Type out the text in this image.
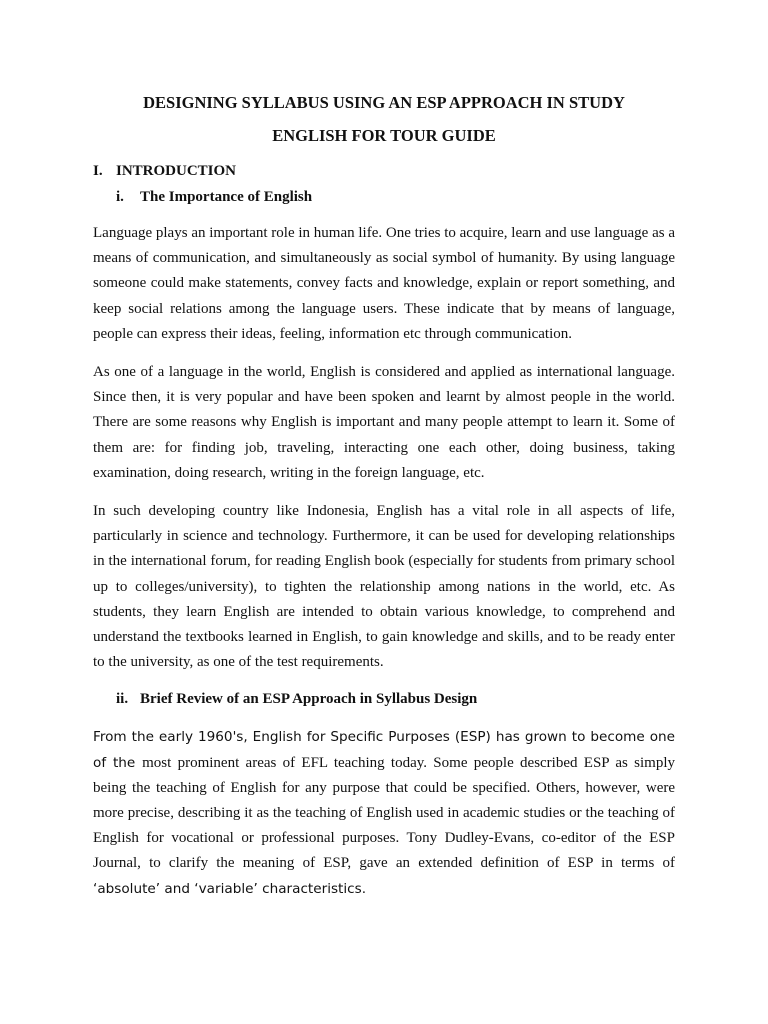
DESIGNING SYLLABUS USING AN ESP APPROACH IN STUDY
ENGLISH FOR TOUR GUIDE
I. INTRODUCTION
i.	The Importance of English

Language plays an important role in human life. One tries to acquire, learn and use language as a means of communication, and simultaneously as social symbol of humanity. By using language someone could make statements, convey facts and knowledge, explain or report something, and keep social relations among the language users. These indicate that by means of language, people can express their ideas, feeling, information etc through communication.

As one of a language in the world, English is considered and applied as international language. Since then, it is very popular and have been spoken and learnt by almost people in the world. There are some reasons why English is important and many people attempt to learn it. Some of them are: for finding job, traveling, interacting one each other, doing business, taking examination, doing research, writing in the foreign language, etc.

In such developing country like Indonesia, English has a vital role in all aspects of life, particularly in science and technology. Furthermore, it can be used for developing relationships in the international forum, for reading English book (especially for students from primary school up to colleges/university), to tighten the relationship among nations in the world, etc. As students, they learn English are intended to obtain various knowledge, to comprehend and understand the textbooks learned in English, to gain knowledge and skills, and to be ready enter to the university, as one of the test requirements.

ii. Brief Review of an ESP Approach in Syllabus Design

From the early 1960's, English for Specific Purposes (ESP) has grown to become one of the most prominent areas of EFL teaching today. Some people described ESP as simply being the teaching of English for any purpose that could be specified. Others, however, were more precise, describing it as the teaching of English used in academic studies or the teaching of English for vocational or professional purposes. Tony Dudley-Evans, co-editor of the ESP Journal, to clarify the meaning of ESP, gave an extended definition of ESP in terms of ‘absolute’ and ‘variable’ characteristics.
